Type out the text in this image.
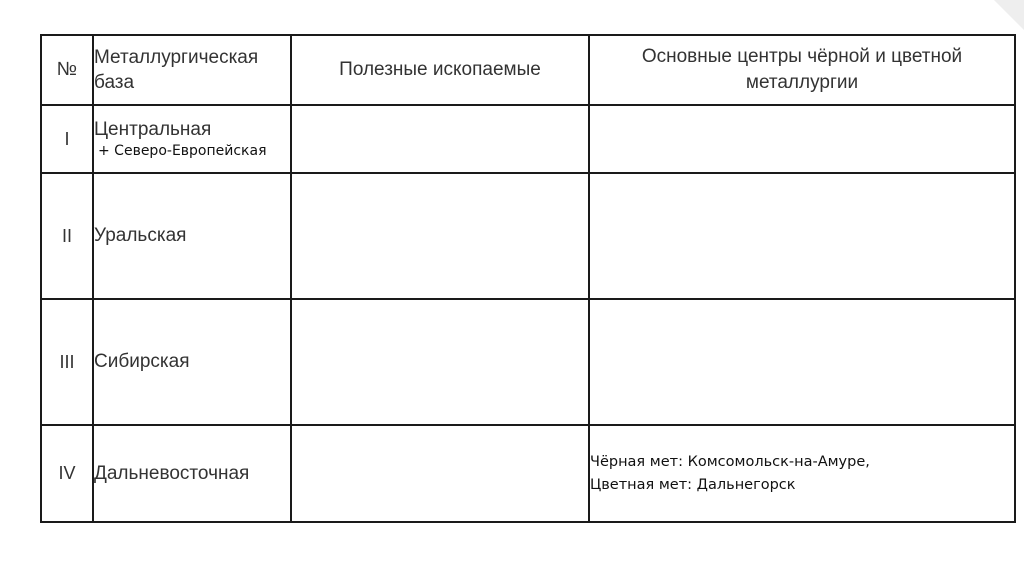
№	Металлургическая база	Полезные ископаемые	Основные центры чёрной и цветной металлургии
I	Центральная
+ Северо-Европейская		

II	Уральская		

III	Сибирская		

IV	Дальневосточная		Чёрная мет: Комсомольск-на-Амуре,
Цветная мет: Дальнегорск
